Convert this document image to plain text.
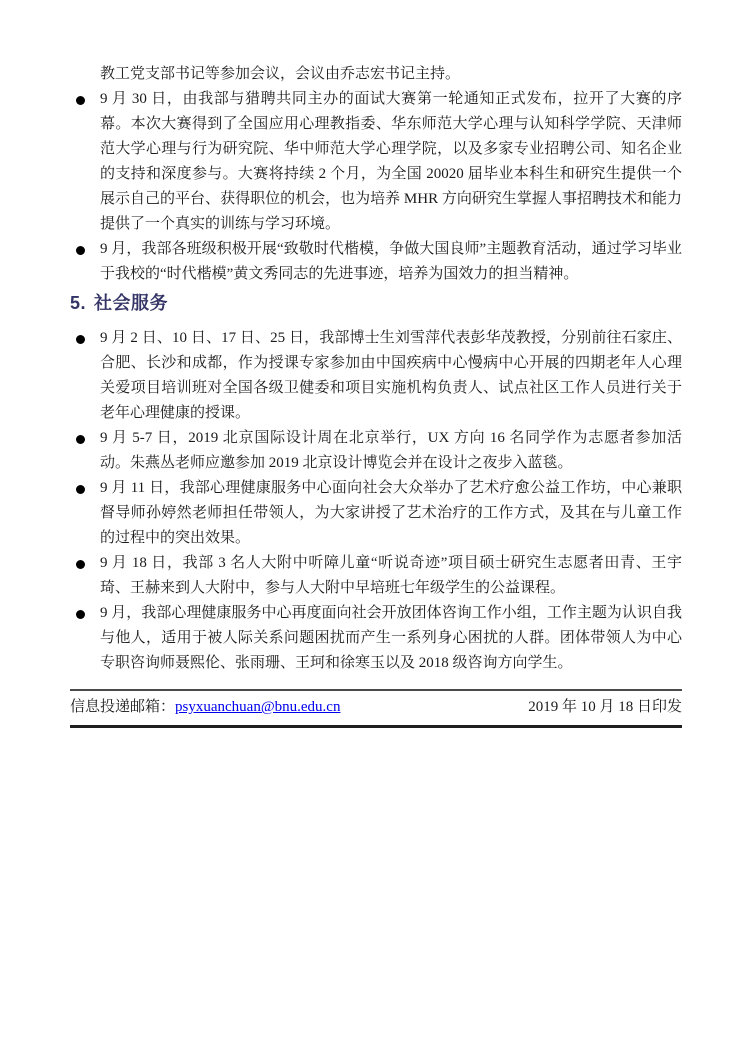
教工党支部书记等参加会议，会议由乔志宏书记主持。

9 月 30 日，由我部与猎聘共同主办的面试大赛第一轮通知正式发布，拉开了大赛的序幕。本次大赛得到了全国应用心理教指委、华东师范大学心理与认知科学学院、天津师范大学心理与行为研究院、华中师范大学心理学院，以及多家专业招聘公司、知名企业的支持和深度参与。大赛将持续 2 个月，为全国 20020 届毕业本科生和研究生提供一个展示自己的平台、获得职位的机会，也为培养 MHR 方向研究生掌握人事招聘技术和能力提供了一个真实的训练与学习环境。
9 月，我部各班级积极开展“致敬时代楷模，争做大国良师”主题教育活动，通过学习毕业于我校的“时代楷模”黄文秀同志的先进事迹，培养为国效力的担当精神。
5. 社会服务
9 月 2 日、10 日、17 日、25 日，我部博士生刘雪萍代表彭华茂教授，分别前往石家庄、合肥、长沙和成都，作为授课专家参加由中国疾病中心慢病中心开展的四期老年人心理关爱项目培训班对全国各级卫健委和项目实施机构负责人、试点社区工作人员进行关于老年心理健康的授课。
9 月 5-7 日，2019 北京国际设计周在北京举行，UX 方向 16 名同学作为志愿者参加活动。朱燕丛老师应邀参加 2019 北京设计博览会并在设计之夜步入蓝毯。
9 月 11 日，我部心理健康服务中心面向社会大众举办了艺术疗愈公益工作坊，中心兼职督导师孙婷然老师担任带领人，为大家讲授了艺术治疗的工作方式，及其在与儿童工作的过程中的突出效果。
9 月 18 日，我部 3 名人大附中听障儿童“听说奇迹”项目硕士研究生志愿者田青、王宇琦、王赫来到人大附中，参与人大附中早培班七年级学生的公益课程。
9 月，我部心理健康服务中心再度面向社会开放团体咨询工作小组，工作主题为认识自我与他人，适用于被人际关系问题困扰而产生一系列身心困扰的人群。团体带领人为中心专职咨询师聂熙伦、张雨珊、王珂和徐寒玉以及 2018 级咨询方向学生。
信息投递邮箱：psyxuanchuan@bnu.edu.cn	2019 年 10 月 18 日印发
